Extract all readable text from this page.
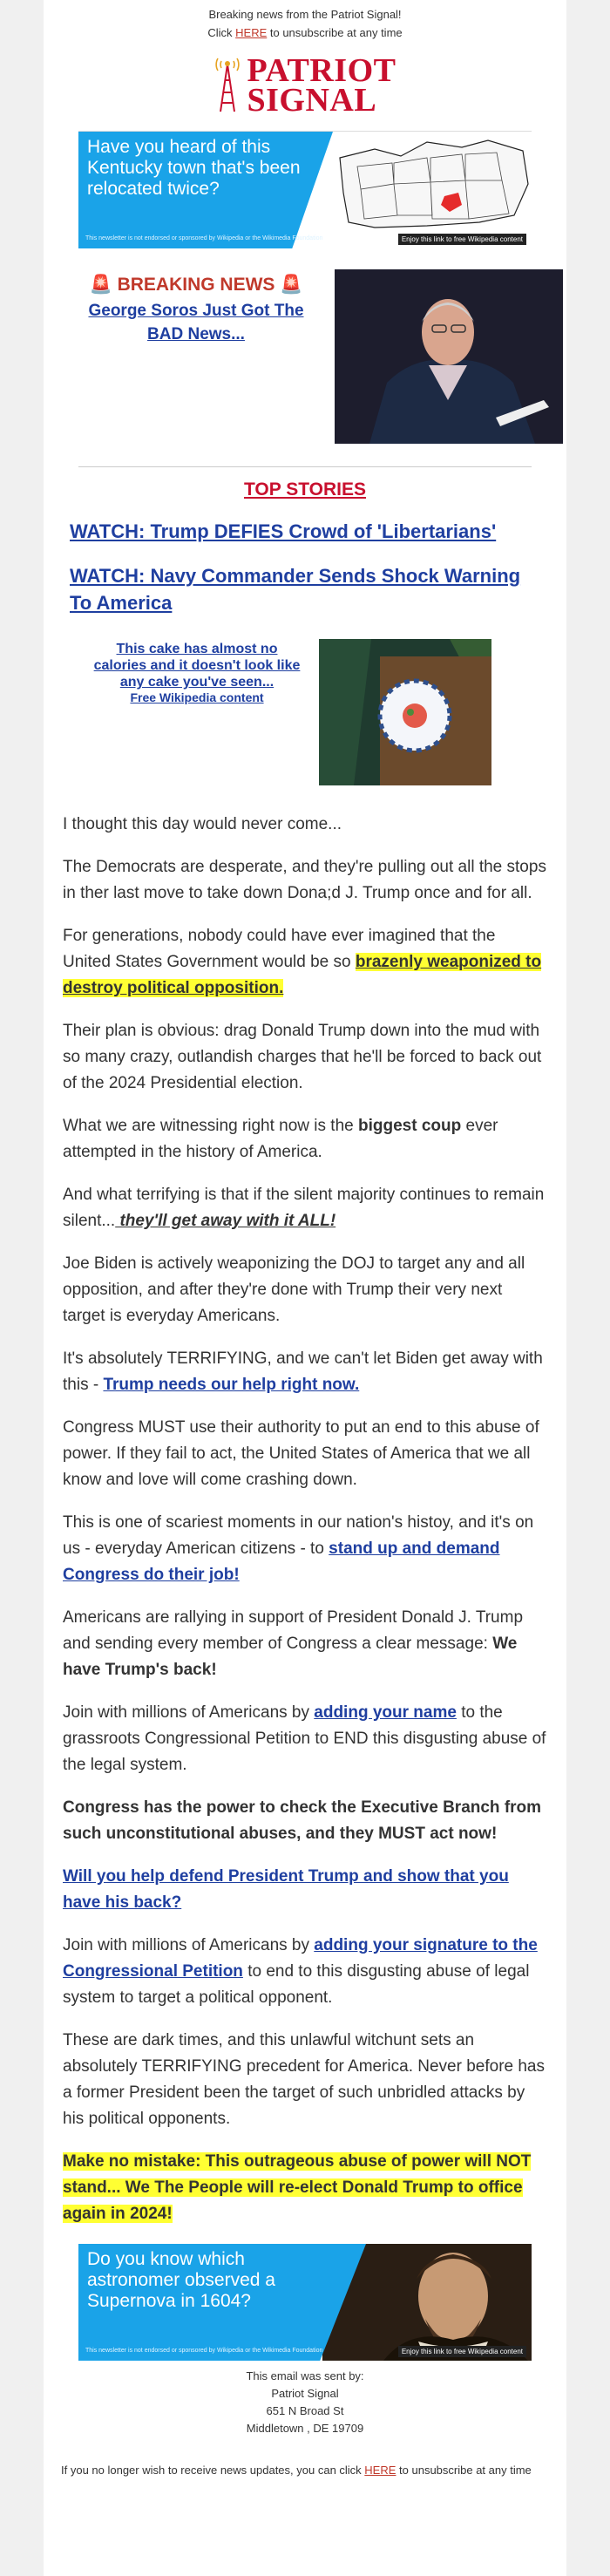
Breaking news from the Patriot Signal!
Click HERE to unsubscribe at any time
PATRIOT
SIGNAL
Have you heard of this Kentucky town that's been relocated twice?
This newsletter is not endorsed or sponsored by Wikipedia or the Wikimedia Foundation	Enjoy this link to free Wikipedia content
🚨 BREAKING NEWS 🚨
George Soros Just Got The BAD News...
TOP STORIES
WATCH: Trump DEFIES Crowd of 'Libertarians'
WATCH: Navy Commander Sends Shock Warning To America
This cake has almost no calories and it doesn't look like any cake you've seen...
Free Wikipedia content

I thought this day would never come...

The Democrats are desperate, and they're pulling out all the stops in ther last move to take down Dona;d J. Trump once and for all.

For generations, nobody could have ever imagined that the United States Government would be so brazenly weaponized to destroy political opposition.

Their plan is obvious: drag Donald Trump down into the mud with so many crazy, outlandish charges that he'll be forced to back out of the 2024 Presidential election.

What we are witnessing right now is the biggest coup ever attempted in the history of America.

And what terrifying is that if the silent majority continues to remain silent... they'll get away with it ALL!

Joe Biden is actively weaponizing the DOJ to target any and all opposition, and after they're done with Trump their very next target is everyday Americans.

It's absolutely TERRIFYING, and we can't let Biden get away with this - Trump needs our help right now.

Congress MUST use their authority to put an end to this abuse of power. If they fail to act, the United States of America that we all know and love will come crashing down.

This is one of scariest moments in our nation's histoy, and it's on us - everyday American citizens - to stand up and demand Congress do their job!

Americans are rallying in support of President Donald J. Trump and sending every member of Congress a clear message: We have Trump's back!

Join with millions of Americans by adding your name to the grassroots Congressional Petition to END this disgusting abuse of the legal system.

Congress has the power to check the Executive Branch from such unconstitutional abuses, and they MUST act now!

Will you help defend President Trump and show that you have his back?

Join with millions of Americans by adding your signature to the Congressional Petition to end to this disgusting abuse of legal system to target a political opponent.

These are dark times, and this unlawful witchunt sets an absolutely TERRIFYING precedent for America. Never before has a former President been the target of such unbridled attacks by his political opponents.

Make no mistake: This outrageous abuse of power will NOT stand... We The People will re-elect Donald Trump to office again in 2024!

Do you know which astronomer observed a Supernova in 1604?
This newsletter is not endorsed or sponsored by Wikipedia or the Wikimedia Foundation	Enjoy this link to free Wikipedia content
This email was sent by:
Patriot Signal
651 N Broad St
Middletown , DE 19709
If you no longer wish to receive news updates, you can click HERE to unsubscribe at any time
